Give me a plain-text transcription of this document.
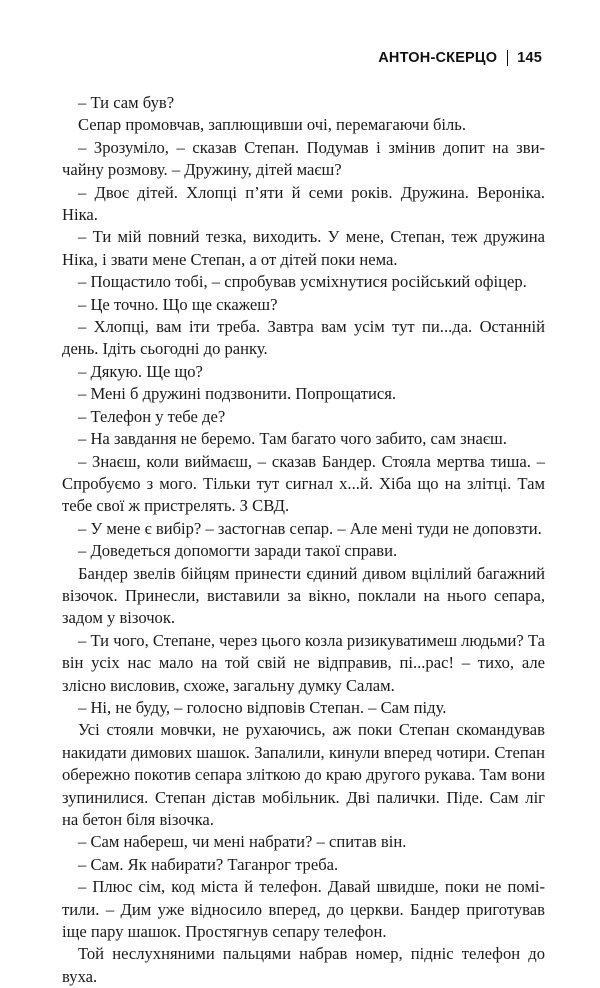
АНТОН-СКЕРЦО 145

– Ти сам був?

Сепар промовчав, заплющивши очі, перемагаючи біль.

– Зрозуміло, – сказав Степан. Подумав і змінив допит на звичайну розмову. – Дружину, дітей маєш?

– Двоє дітей. Хлопці п’яти й семи років. Дружина. Вероніка. Ніка.

– Ти мій повний тезка, виходить. У мене, Степан, теж дружина Ніка, і звати мене Степан, а от дітей поки нема.

– Пощастило тобі, – спробував усміхнутися російський офіцер.

– Це точно. Що ще скажеш?

– Хлопці, вам іти треба. Завтра вам усім тут пи...да. Останній день. Ідіть сьогодні до ранку.

– Дякую. Ще що?

– Мені б дружині подзвонити. Попрощатися.

– Телефон у тебе де?

– На завдання не беремо. Там багато чого забито, сам знаєш.

– Знаєш, коли виймаєш, – сказав Бандер. Стояла мертва тиша. – Спробуємо з мого. Тільки тут сигнал х...й. Хіба що на злітці. Там тебе свої ж пристрелять. З СВД.

– У мене є вибір? – застогнав сепар. – Але мені туди не доповзти.

– Доведеться допомогти заради такої справи.

Бандер звелів бійцям принести єдиний дивом вцілілий багажний візочок. Принесли, виставили за вікно, поклали на нього сепара, задом у візочок.

– Ти чого, Степане, через цього козла ризикуватимеш людьми? Та він усіх нас мало на той свій не відправив, пі...рас! – тихо, але злісно висловив, схоже, загальну думку Салам.

– Ні, не буду, – голосно відповів Степан. – Сам піду.

Усі стояли мовчки, не рухаючись, аж поки Степан скомандував накидати димових шашок. Запалили, кинули вперед чотири. Степан обережно покотив сепара зліткою до краю другого рукава. Там вони зупинилися. Степан дістав мобільник. Дві палички. Піде. Сам ліг на бетон біля візочка.

– Сам набереш, чи мені набрати? – спитав він.

– Сам. Як набирати? Таганрог треба.

– Плюс сім, код міста й телефон. Давай швидше, поки не помітили. – Дим уже відносило вперед, до церкви. Бандер приготував іще пару шашок. Простягнув сепару телефон.

Той неслухняними пальцями набрав номер, підніс телефон до вуха.
